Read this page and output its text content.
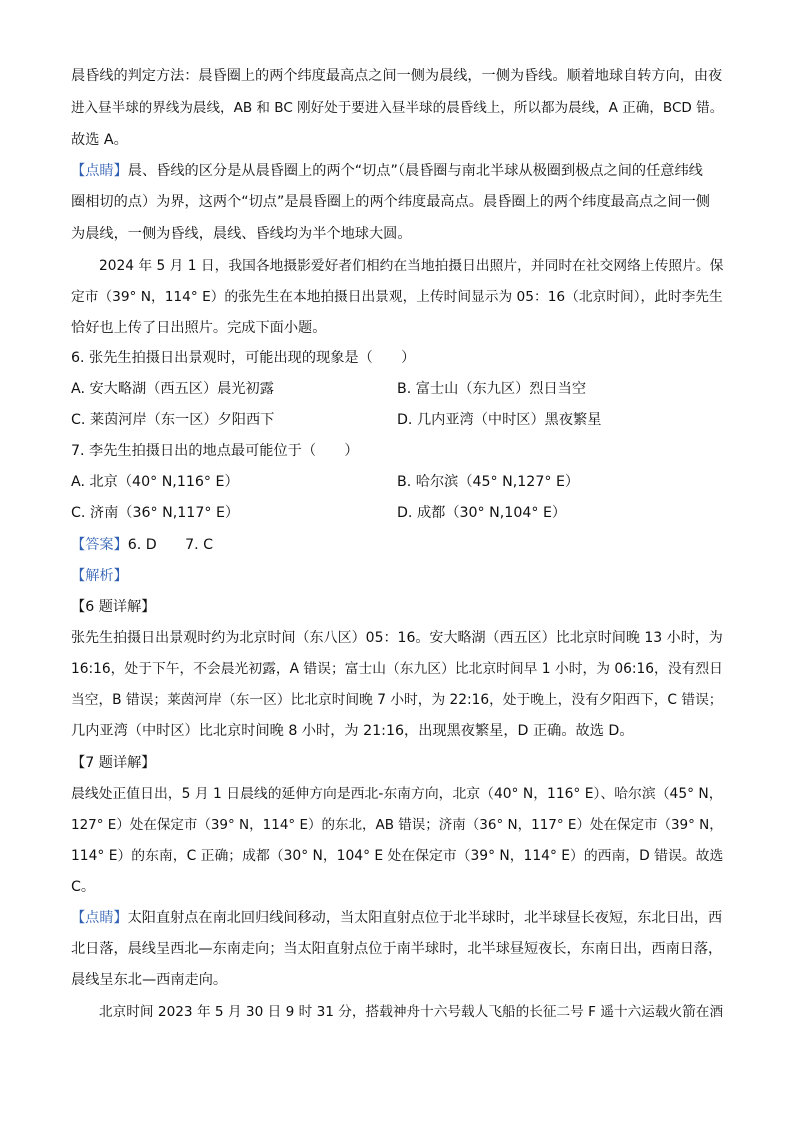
晨昏线的判定方法：晨昏圈上的两个纬度最高点之间一侧为晨线，一侧为昏线。顺着地球自转方向，由夜
进入昼半球的界线为晨线，AB 和 BC 刚好处于要进入昼半球的晨昏线上，所以都为晨线，A 正确，BCD 错。
故选 A。
【点睛】晨、昏线的区分是从晨昏圈上的两个“切点”（晨昏圈与南北半球从极圈到极点之间的任意纬线
圈相切的点）为界，这两个“切点”是晨昏圈上的两个纬度最高点。晨昏圈上的两个纬度最高点之间一侧
为晨线，一侧为昏线，晨线、昏线均为半个地球大圆。
2024 年 5 月 1 日，我国各地摄影爱好者们相约在当地拍摄日出照片，并同时在社交网络上传照片。保
定市（39° N，114° E）的张先生在本地拍摄日出景观，上传时间显示为 05：16（北京时间），此时李先生
恰好也上传了日出照片。完成下面小题。
6. 张先生拍摄日出景观时，可能出现的现象是（　　）
A. 安大略湖（西五区）晨光初露	B. 富士山（东九区）烈日当空
C. 莱茵河岸（东一区）夕阳西下	D. 几内亚湾（中时区）黑夜繁星
7. 李先生拍摄日出的地点最可能位于（　　）
A. 北京（40° N,116° E）	B. 哈尔滨（45° N,127° E）
C. 济南（36° N,117° E）	D. 成都（30° N,104° E）
【答案】6. D　　7. C
【解析】
【6 题详解】
张先生拍摄日出景观时约为北京时间（东八区）05：16。安大略湖（西五区）比北京时间晚 13 小时，为
16:16，处于下午，不会晨光初露，A 错误；富士山（东九区）比北京时间早 1 小时，为 06:16，没有烈日
当空，B 错误；莱茵河岸（东一区）比北京时间晚 7 小时，为 22:16，处于晚上，没有夕阳西下，C 错误；
几内亚湾（中时区）比北京时间晚 8 小时，为 21:16，出现黑夜繁星，D 正确。故选 D。
【7 题详解】
晨线处正值日出，5 月 1 日晨线的延伸方向是西北-东南方向，北京（40° N，116° E）、哈尔滨（45° N，
127° E）处在保定市（39° N，114° E）的东北，AB 错误；济南（36° N，117° E）处在保定市（39° N，
114° E）的东南，C 正确；成都（30° N，104° E 处在保定市（39° N，114° E）的西南，D 错误。故选
C。
【点睛】太阳直射点在南北回归线间移动，当太阳直射点位于北半球时，北半球昼长夜短，东北日出，西
北日落，晨线呈西北—东南走向；当太阳直射点位于南半球时，北半球昼短夜长，东南日出，西南日落，
晨线呈东北—西南走向。
北京时间 2023 年 5 月 30 日 9 时 31 分，搭载神舟十六号载人飞船的长征二号 F 遥十六运载火箭在酒
